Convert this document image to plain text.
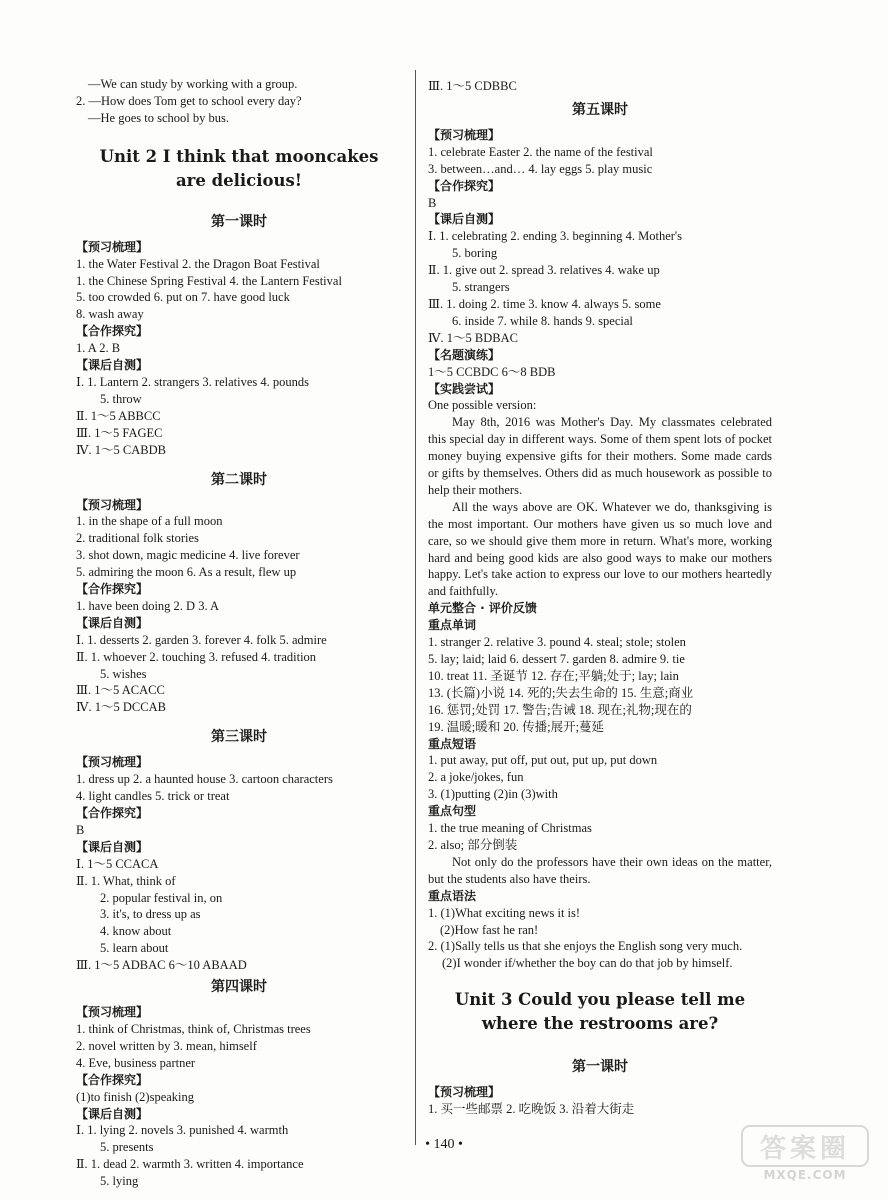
—We can study by working with a group.
2. —How does Tom get to school every day?
—He goes to school by bus.
Unit 2 I think that mooncakes
are delicious!
第一课时
【预习梳理】
1. the Water Festival 2. the Dragon Boat Festival
1. the Chinese Spring Festival 4. the Lantern Festival
5. too crowded 6. put on 7. have good luck
8. wash away
【合作探究】
1. A 2. B
【课后自测】
Ⅰ. 1. Lantern 2. strangers 3. relatives 4. pounds
5. throw
Ⅱ. 1～5 ABBCC
Ⅲ. 1～5 FAGEC
Ⅳ. 1～5 CABDB
第二课时
【预习梳理】
1. in the shape of a full moon
2. traditional folk stories
3. shot down, magic medicine 4. live forever
5. admiring the moon 6. As a result, flew up
【合作探究】
1. have been doing 2. D 3. A
【课后自测】
Ⅰ. 1. desserts 2. garden 3. forever 4. folk 5. admire
Ⅱ. 1. whoever 2. touching 3. refused 4. tradition
5. wishes
Ⅲ. 1～5 ACACC
Ⅳ. 1～5 DCCAB
第三课时
【预习梳理】
1. dress up 2. a haunted house 3. cartoon characters
4. light candles 5. trick or treat
【合作探究】
B
【课后自测】
Ⅰ. 1～5 CCACA
Ⅱ. 1. What, think of
2. popular festival in, on
3. it's, to dress up as
4. know about
5. learn about
Ⅲ. 1～5 ADBAC 6～10 ABAAD
第四课时
【预习梳理】
1. think of Christmas, think of, Christmas trees
2. novel written by 3. mean, himself
4. Eve, business partner
【合作探究】
(1)to finish (2)speaking
【课后自测】
Ⅰ. 1. lying 2. novels 3. punished 4. warmth
5. presents
Ⅱ. 1. dead 2. warmth 3. written 4. importance
5. lying
Ⅲ. 1～5 CDBBC
第五课时
【预习梳理】
1. celebrate Easter 2. the name of the festival
3. between…and… 4. lay eggs 5. play music
【合作探究】
B
【课后自测】
Ⅰ. 1. celebrating 2. ending 3. beginning 4. Mother's
5. boring
Ⅱ. 1. give out 2. spread 3. relatives 4. wake up
5. strangers
Ⅲ. 1. doing 2. time 3. know 4. always 5. some
6. inside 7. while 8. hands 9. special
Ⅳ. 1～5 BDBAC
【名题演练】
1～5 CCBDC 6～8 BDB
【实践尝试】
One possible version:
May 8th, 2016 was Mother's Day. My classmates celebrated this special day in different ways. Some of them spent lots of pocket money buying expensive gifts for their mothers. Some made cards or gifts by themselves. Others did as much housework as possible to help their mothers.
All the ways above are OK. Whatever we do, thanksgiving is the most important. Our mothers have given us so much love and care, so we should give them more in return. What's more, working hard and being good kids are also good ways to make our mothers happy. Let's take action to express our love to our mothers heartedly and faithfully.
单元整合 · 评价反馈
重点单词
1. stranger 2. relative 3. pound 4. steal; stole; stolen
5. lay; laid; laid 6. dessert 7. garden 8. admire 9. tie
10. treat 11. 圣诞节 12. 存在;平躺;处于; lay; lain
13. (长篇)小说 14. 死的;失去生命的 15. 生意;商业
16. 惩罚;处罚 17. 警告;告诫 18. 现在;礼物;现在的
19. 温暖;暖和 20. 传播;展开;蔓延
重点短语
1. put away, put off, put out, put up, put down
2. a joke/jokes, fun
3. (1)putting (2)in (3)with
重点句型
1. the true meaning of Christmas
2. also; 部分倒装
Not only do the professors have their own ideas on the matter, but the students also have theirs.
重点语法
1. (1)What exciting news it is!
(2)How fast he ran!
2. (1)Sally tells us that she enjoys the English song very much.
(2)I wonder if/whether the boy can do that job by himself.
Unit 3 Could you please tell me
where the restrooms are?
第一课时
【预习梳理】
1. 买一些邮票 2. 吃晚饭 3. 沿着大街走
• 140 •	答案圈
MXQE.COM
